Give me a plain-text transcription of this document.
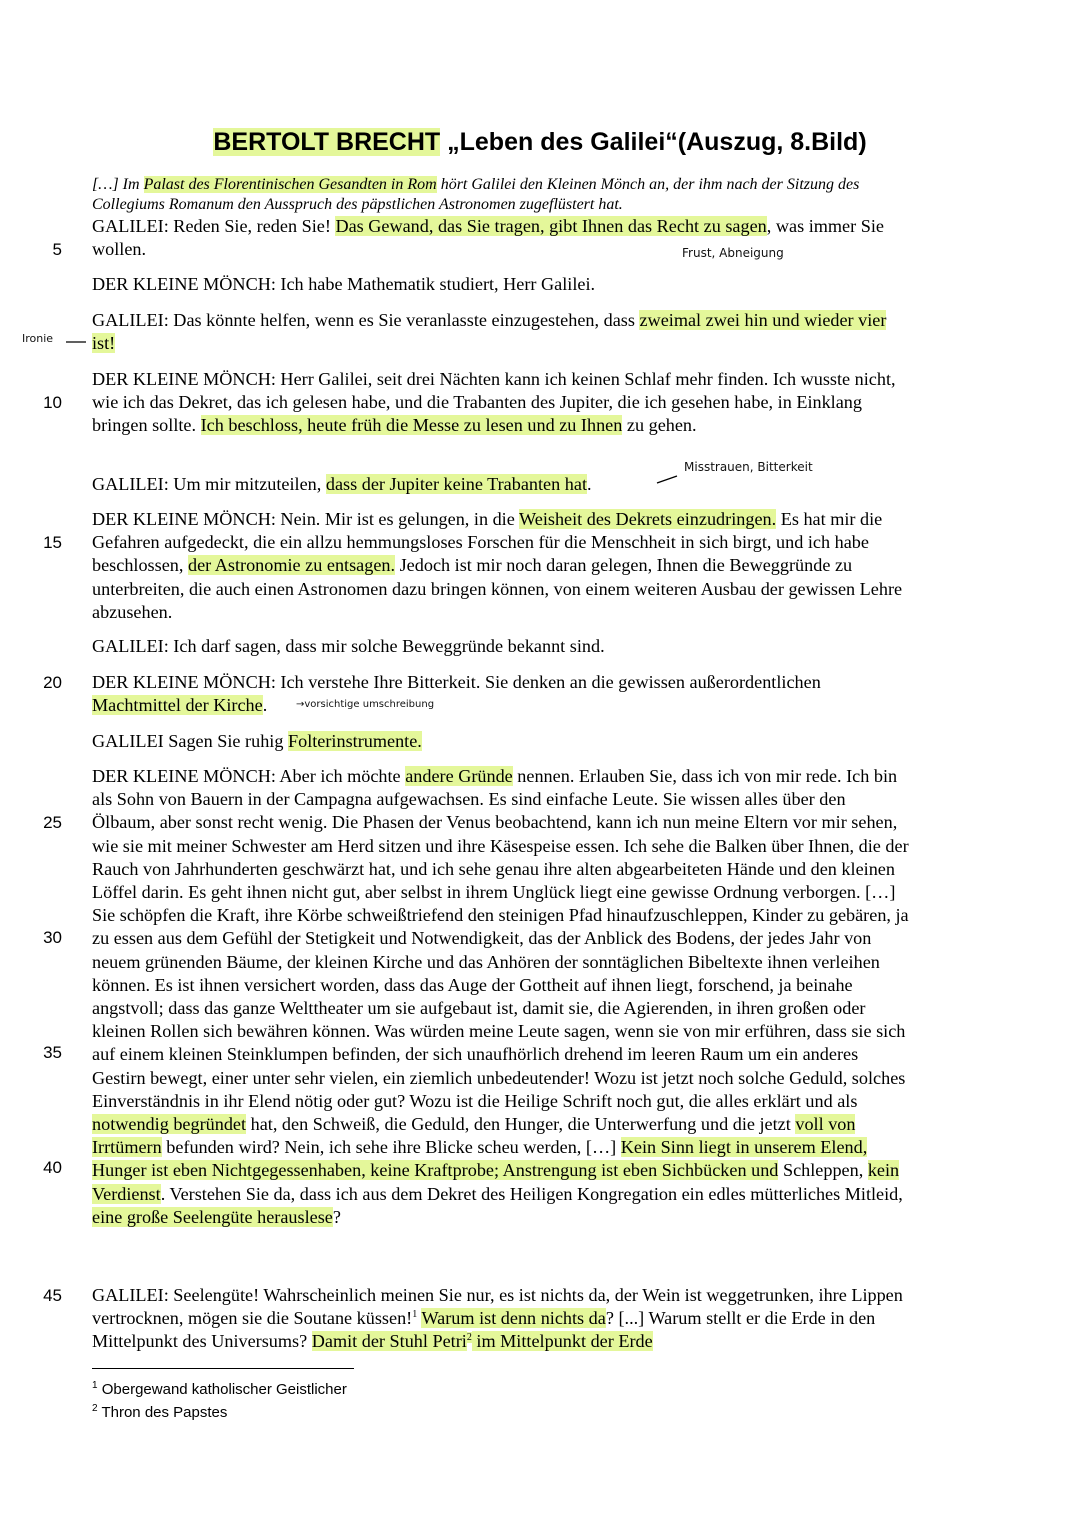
BERTOLT BRECHT „Leben des Galilei“(Auszug, 8.Bild)
5
10
15
20
25
30
35
40
45
Frust, Abneigung
Ironie
Misstrauen, Bitterkeit
→vorsichtige umschreibung
[…] Im Palast des Florentinischen Gesandten in Rom hört Galilei den Kleinen Mönch an, der ihm nach der Sitzung des Collegiums Romanum den Ausspruch des päpstlichen Astronomen zugeflüstert hat.
GALILEI: Reden Sie, reden Sie! Das Gewand, das Sie tragen, gibt Ihnen das Recht zu sagen, was immer Sie wollen.
DER KLEINE MÖNCH: Ich habe Mathematik studiert, Herr Galilei.
GALILEI: Das könnte helfen, wenn es Sie veranlasste einzugestehen, dass zweimal zwei hin und wieder vier ist!
DER KLEINE MÖNCH: Herr Galilei, seit drei Nächten kann ich keinen Schlaf mehr finden. Ich wusste nicht, wie ich das Dekret, das ich gelesen habe, und die Trabanten des Jupiter, die ich gesehen habe, in Einklang bringen sollte. Ich beschloss, heute früh die Messe zu lesen und zu Ihnen zu gehen.
GALILEI: Um mir mitzuteilen, dass der Jupiter keine Trabanten hat.
DER KLEINE MÖNCH: Nein. Mir ist es gelungen, in die Weisheit des Dekrets einzudringen. Es hat mir die Gefahren aufgedeckt, die ein allzu hemmungsloses Forschen für die Menschheit in sich birgt, und ich habe beschlossen, der Astronomie zu entsagen. Jedoch ist mir noch daran gelegen, Ihnen die Beweggründe zu unterbreiten, die auch einen Astronomen dazu bringen können, von einem weiteren Ausbau der gewissen Lehre abzusehen.
GALILEI: Ich darf sagen, dass mir solche Beweggründe bekannt sind.
DER KLEINE MÖNCH: Ich verstehe Ihre Bitterkeit. Sie denken an die gewissen außerordentlichen Machtmittel der Kirche.
GALILEI Sagen Sie ruhig Folterinstrumente.
DER KLEINE MÖNCH: Aber ich möchte andere Gründe nennen. Erlauben Sie, dass ich von mir rede. Ich bin als Sohn von Bauern in der Campagna aufgewachsen. Es sind einfache Leute. Sie wissen alles über den Ölbaum, aber sonst recht wenig. Die Phasen der Venus beobachtend, kann ich nun meine Eltern vor mir sehen, wie sie mit meiner Schwester am Herd sitzen und ihre Käsespeise essen. Ich sehe die Balken über Ihnen, die der Rauch von Jahrhunderten geschwärzt hat, und ich sehe genau ihre alten abgearbeiteten Hände und den kleinen Löffel darin. Es geht ihnen nicht gut, aber selbst in ihrem Unglück liegt eine gewisse Ordnung verborgen. […] Sie schöpfen die Kraft, ihre Körbe schweißtriefend den steinigen Pfad hinaufzuschleppen, Kinder zu gebären, ja zu essen aus dem Gefühl der Stetigkeit und Notwendigkeit, das der Anblick des Bodens, der jedes Jahr von neuem grünenden Bäume, der kleinen Kirche und das Anhören der sonntäglichen Bibeltexte ihnen verleihen können. Es ist ihnen versichert worden, dass das Auge der Gottheit auf ihnen liegt, forschend, ja beinahe angstvoll; dass das ganze Welttheater um sie aufgebaut ist, damit sie, die Agierenden, in ihren großen oder kleinen Rollen sich bewähren können. Was würden meine Leute sagen, wenn sie von mir erführen, dass sie sich auf einem kleinen Steinklumpen befinden, der sich unaufhörlich drehend im leeren Raum um ein anderes Gestirn bewegt, einer unter sehr vielen, ein ziemlich unbedeutender! Wozu ist jetzt noch solche Geduld, solches Einverständnis in ihr Elend nötig oder gut? Wozu ist die Heilige Schrift noch gut, die alles erklärt und als notwendig begründet hat, den Schweiß, die Geduld, den Hunger, die Unterwerfung und die jetzt voll von Irrtümern befunden wird? Nein, ich sehe ihre Blicke scheu werden, […] Kein Sinn liegt in unserem Elend, Hunger ist eben Nichtgegessenhaben, keine Kraftprobe; Anstrengung ist eben Sichbücken und Schleppen, kein Verdienst. Verstehen Sie da, dass ich aus dem Dekret des Heiligen Kongregation ein edles mütterliches Mitleid, eine große Seelengüte herauslese?
GALILEI: Seelengüte! Wahrscheinlich meinen Sie nur, es ist nichts da, der Wein ist weggetrunken, ihre Lippen vertrocknen, mögen sie die Soutane küssen!$^1$ Warum ist denn nichts da? [...] Warum stellt er die Erde in den Mittelpunkt des Universums? Damit der Stuhl Petri$^2$ im Mittelpunkt der Erde
$^1$ Obergewand katholischer Geistlicher
$^2$ Thron des Papstes
